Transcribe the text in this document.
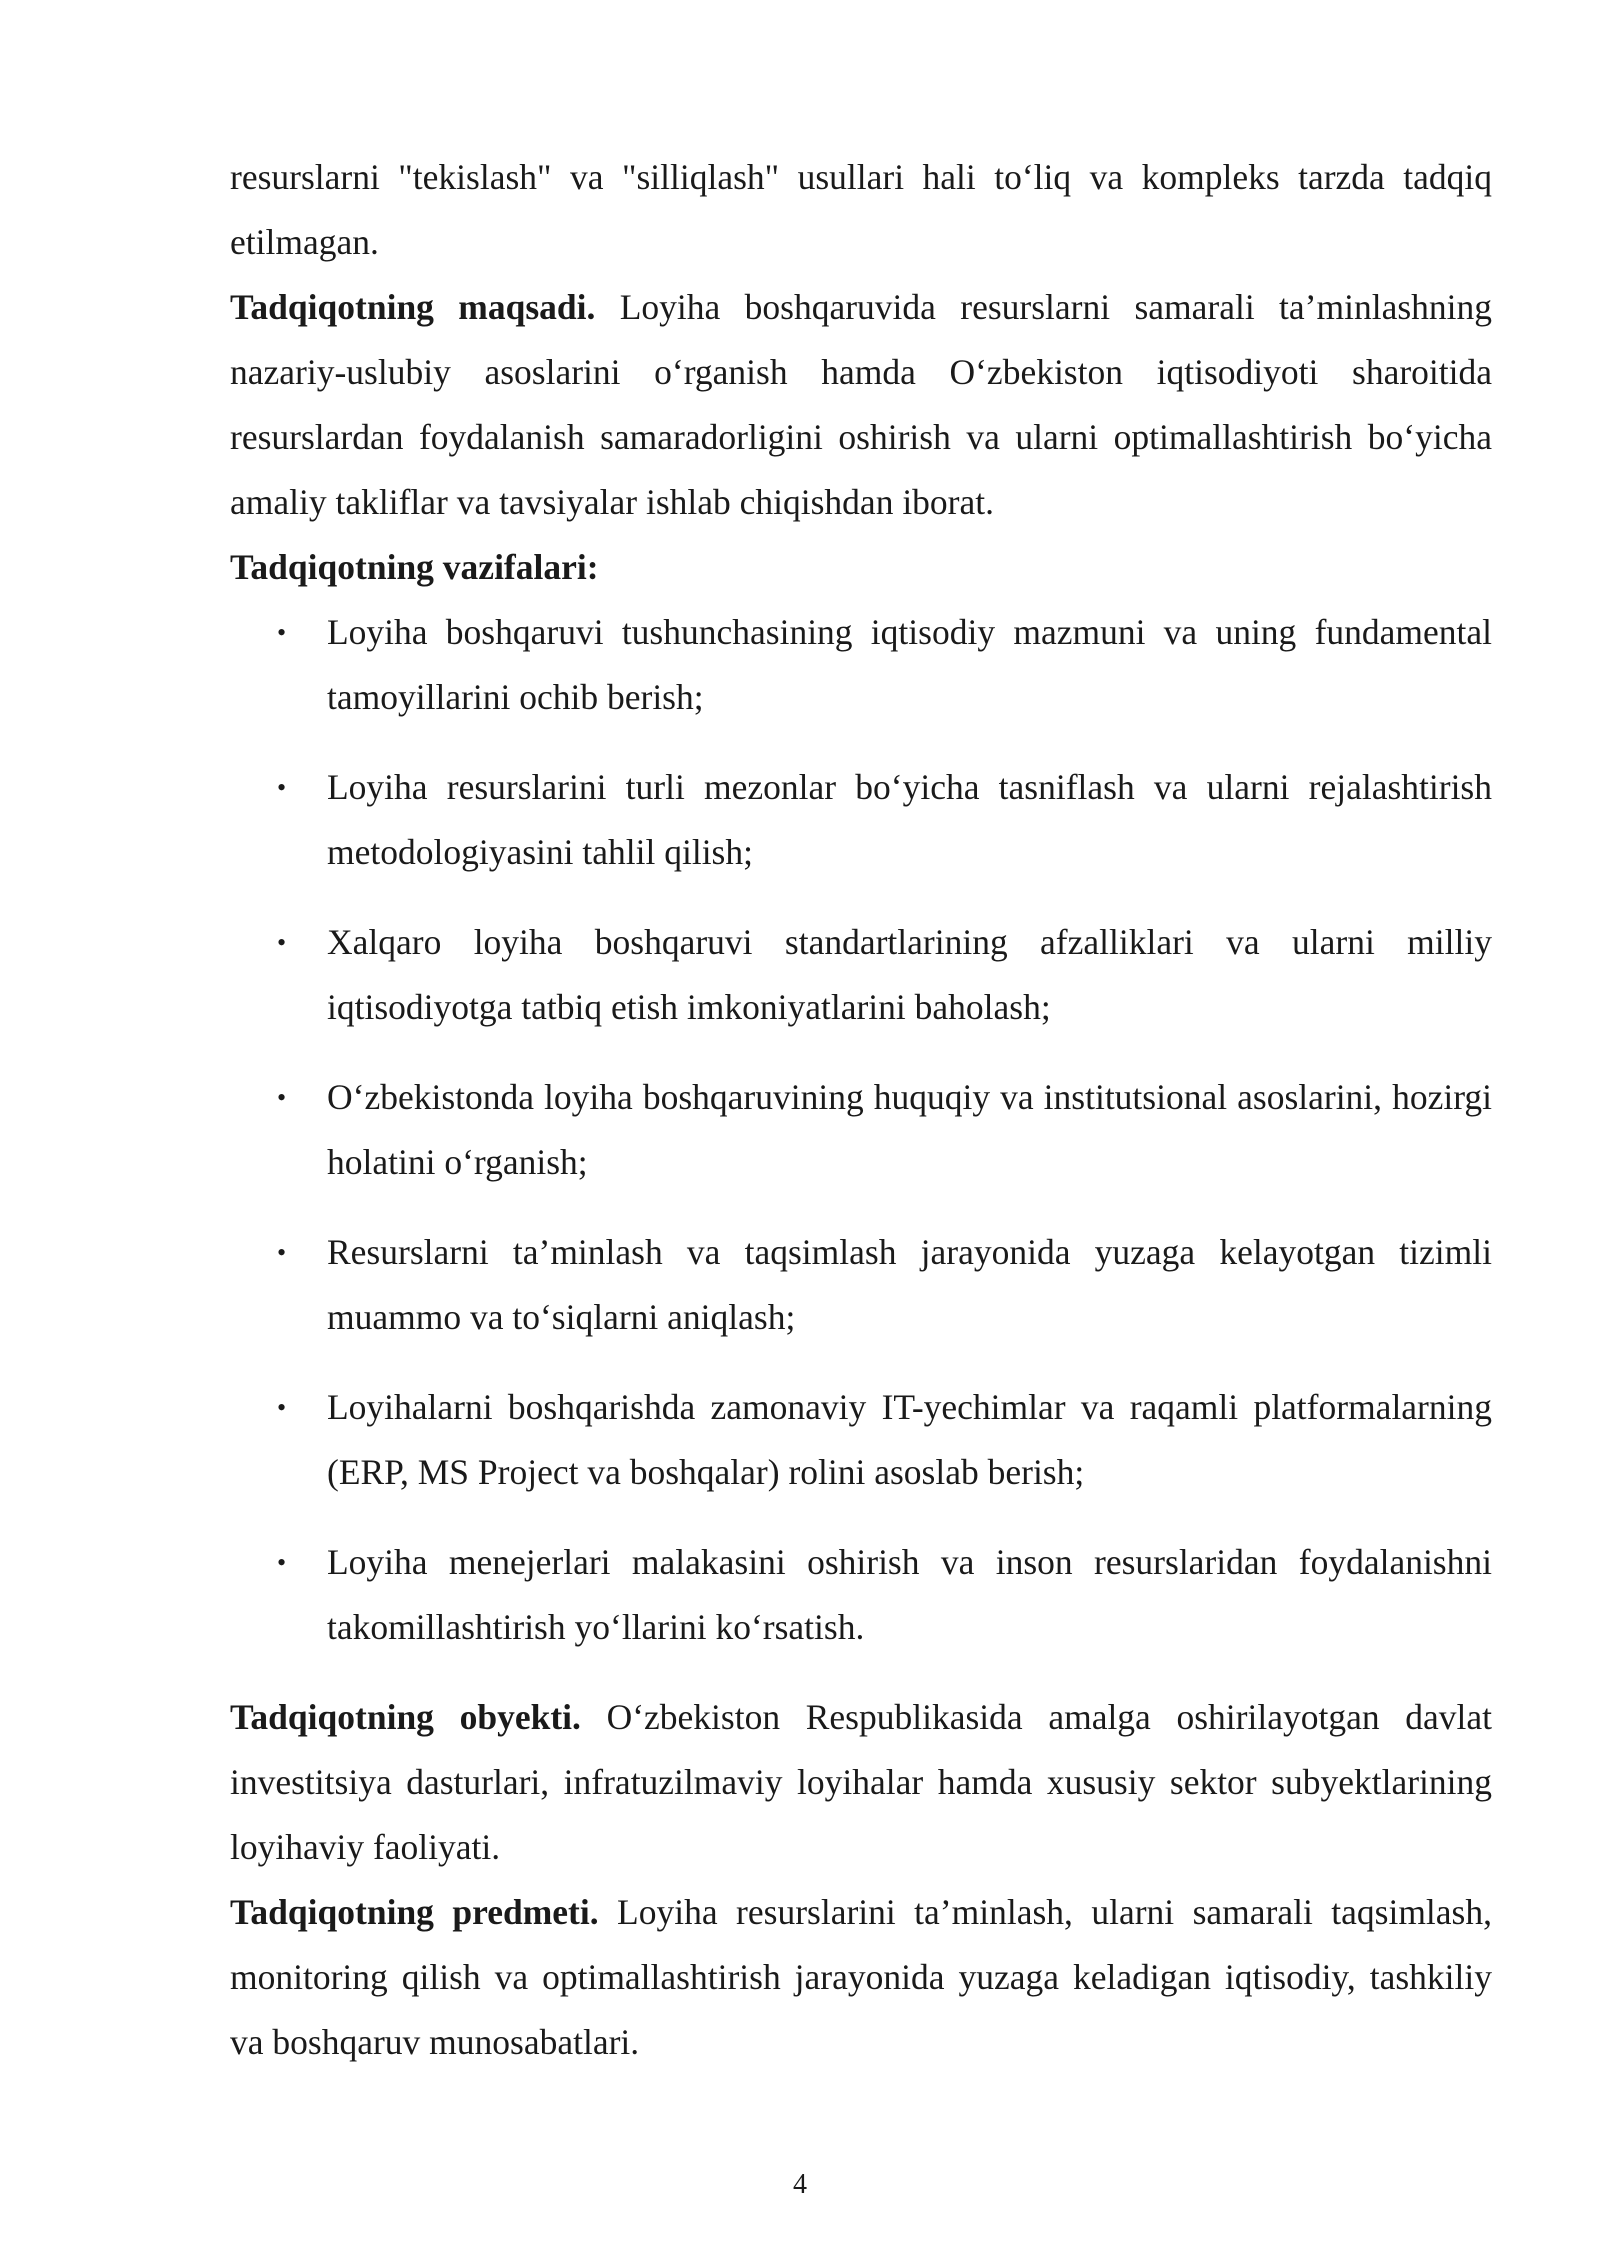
resurslarni "tekislash" va "silliqlash" usullari hali to‘liq va kompleks tarzda tadqiq etilmagan.

Tadqiqotning maqsadi. Loyiha boshqaruvida resurslarni samarali ta’minlashning nazariy-uslubiy asoslarini o‘rganish hamda O‘zbekiston iqtisodiyoti sharoitida resurslardan foydalanish samaradorligini oshirish va ularni optimallashtirish bo‘yicha amaliy takliflar va tavsiyalar ishlab chiqishdan iborat.

Tadqiqotning vazifalari:

• Loyiha boshqaruvi tushunchasining iqtisodiy mazmuni va uning fundamental tamoyillarini ochib berish;
• Loyiha resurslarini turli mezonlar bo‘yicha tasniflash va ularni rejalashtirish metodologiyasini tahlil qilish;
• Xalqaro loyiha boshqaruvi standartlarining afzalliklari va ularni milliy iqtisodiyotga tatbiq etish imkoniyatlarini baholash;
• O‘zbekistonda loyiha boshqaruvining huquqiy va institutsional asoslarini, hozirgi holatini o‘rganish;
• Resurslarni ta’minlash va taqsimlash jarayonida yuzaga kelayotgan tizimli muammo va to‘siqlarni aniqlash;
• Loyihalarni boshqarishda zamonaviy IT-yechimlar va raqamli platformalarning (ERP, MS Project va boshqalar) rolini asoslab berish;
• Loyiha menejerlari malakasini oshirish va inson resurslaridan foydalanishni takomillashtirish yo‘llarini ko‘rsatish.

Tadqiqotning obyekti. O‘zbekiston Respublikasida amalga oshirilayotgan davlat investitsiya dasturlari, infratuzilmaviy loyihalar hamda xususiy sektor subyektlarining loyihaviy faoliyati.

Tadqiqotning predmeti. Loyiha resurslarini ta’minlash, ularni samarali taqsimlash, monitoring qilish va optimallashtirish jarayonida yuzaga keladigan iqtisodiy, tashkiliy va boshqaruv munosabatlari.

4
